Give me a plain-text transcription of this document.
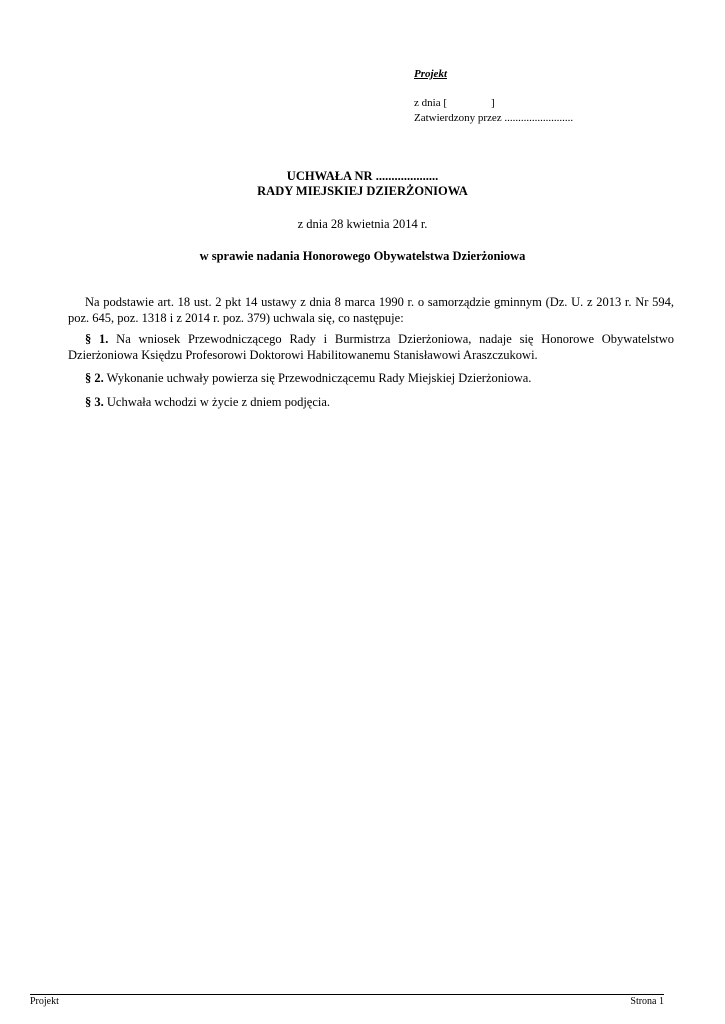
Projekt
z dnia [                ]
Zatwierdzony przez .........................
UCHWAŁA NR ....................
RADY MIEJSKIEJ DZIERŻONIOWA
z dnia 28 kwietnia 2014 r.
w sprawie nadania Honorowego Obywatelstwa Dzierżoniowa
Na podstawie art. 18 ust. 2 pkt 14 ustawy z dnia 8 marca 1990 r. o samorządzie gminnym (Dz. U. z 2013 r. Nr 594, poz. 645, poz. 1318 i z 2014 r. poz. 379) uchwala się, co następuje:
§ 1. Na wniosek Przewodniczącego Rady i Burmistrza Dzierżoniowa, nadaje się Honorowe Obywatelstwo Dzierżoniowa Księdzu Profesorowi Doktorowi Habilitowanemu Stanisławowi Araszczukowi.
§ 2. Wykonanie uchwały powierza się Przewodniczącemu Rady Miejskiej Dzierżoniowa.
§ 3. Uchwała wchodzi w życie z dniem podjęcia.
Projekt	Strona 1
